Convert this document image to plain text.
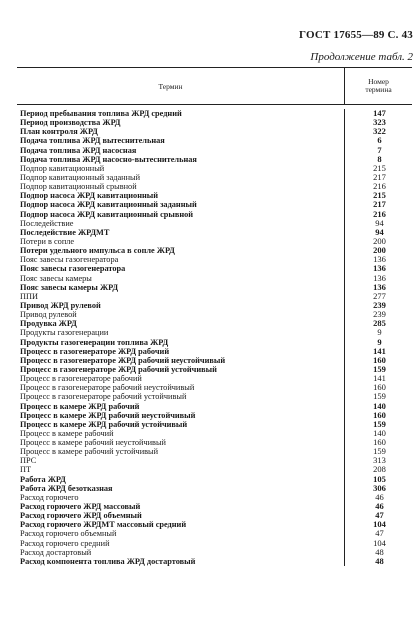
ГОСТ 17655—89 С. 43
Продолжение табл. 2
Термин	Номер
термина
Период пребывания топлива ЖРД средний
Период производства ЖРД
План контроля ЖРД
Подача топлива ЖРД вытеснительная
Подача топлива ЖРД насосная
Подача топлива ЖРД насосно-вытеснительная
Подпор кавитационный
Подпор кавитационный заданный
Подпор кавитационный срывной
Подпор насоса ЖРД кавитационный
Подпор насоса ЖРД кавитационный заданный
Подпор насоса ЖРД кавитационный срывной
Последействие
Последействие ЖРДМТ
Потери в сопле
Потери удельного импульса в сопле ЖРД
Пояс завесы газогенератора
Пояс завесы газогенератора
Пояс завесы камеры
Пояс завесы камеры ЖРД
ППИ
Привод ЖРД рулевой
Привод рулевой
Продувка ЖРД
Продукты газогенерации
Продукты газогенерации топлива ЖРД
Процесс в газогенераторе ЖРД рабочий
Процесс в газогенераторе ЖРД рабочий неустойчивый
Процесс в газогенераторе ЖРД рабочий устойчивый
Процесс в газогенераторе рабочий
Процесс в газогенераторе рабочий неустойчивый
Процесс в газогенераторе рабочий устойчивый
Процесс в камере ЖРД рабочий
Процесс в камере ЖРД рабочий неустойчивый
Процесс в камере ЖРД рабочий устойчивый
Процесс в камере рабочий
Процесс в камере рабочий неустойчивый
Процесс в камере рабочий устойчивый
ПРС
ПТ
Работа ЖРД
Работа ЖРД безотказная
Расход горючего
Расход горючего ЖРД массовый
Расход горючего ЖРД объемный
Расход горючего ЖРДМТ массовый средний
Расход горючего объемный
Расход горючего средний
Расход достартовый
Расход компонента топлива ЖРД достартовый
147
323
322
6
7
8
215
217
216
215
217
216
94
94
200
200
136
136
136
136
277
239
239
285
9
9
141
160
159
141
160
159
140
160
159
140
160
159
313
208
105
306
46
46
47
104
47
104
48
48
